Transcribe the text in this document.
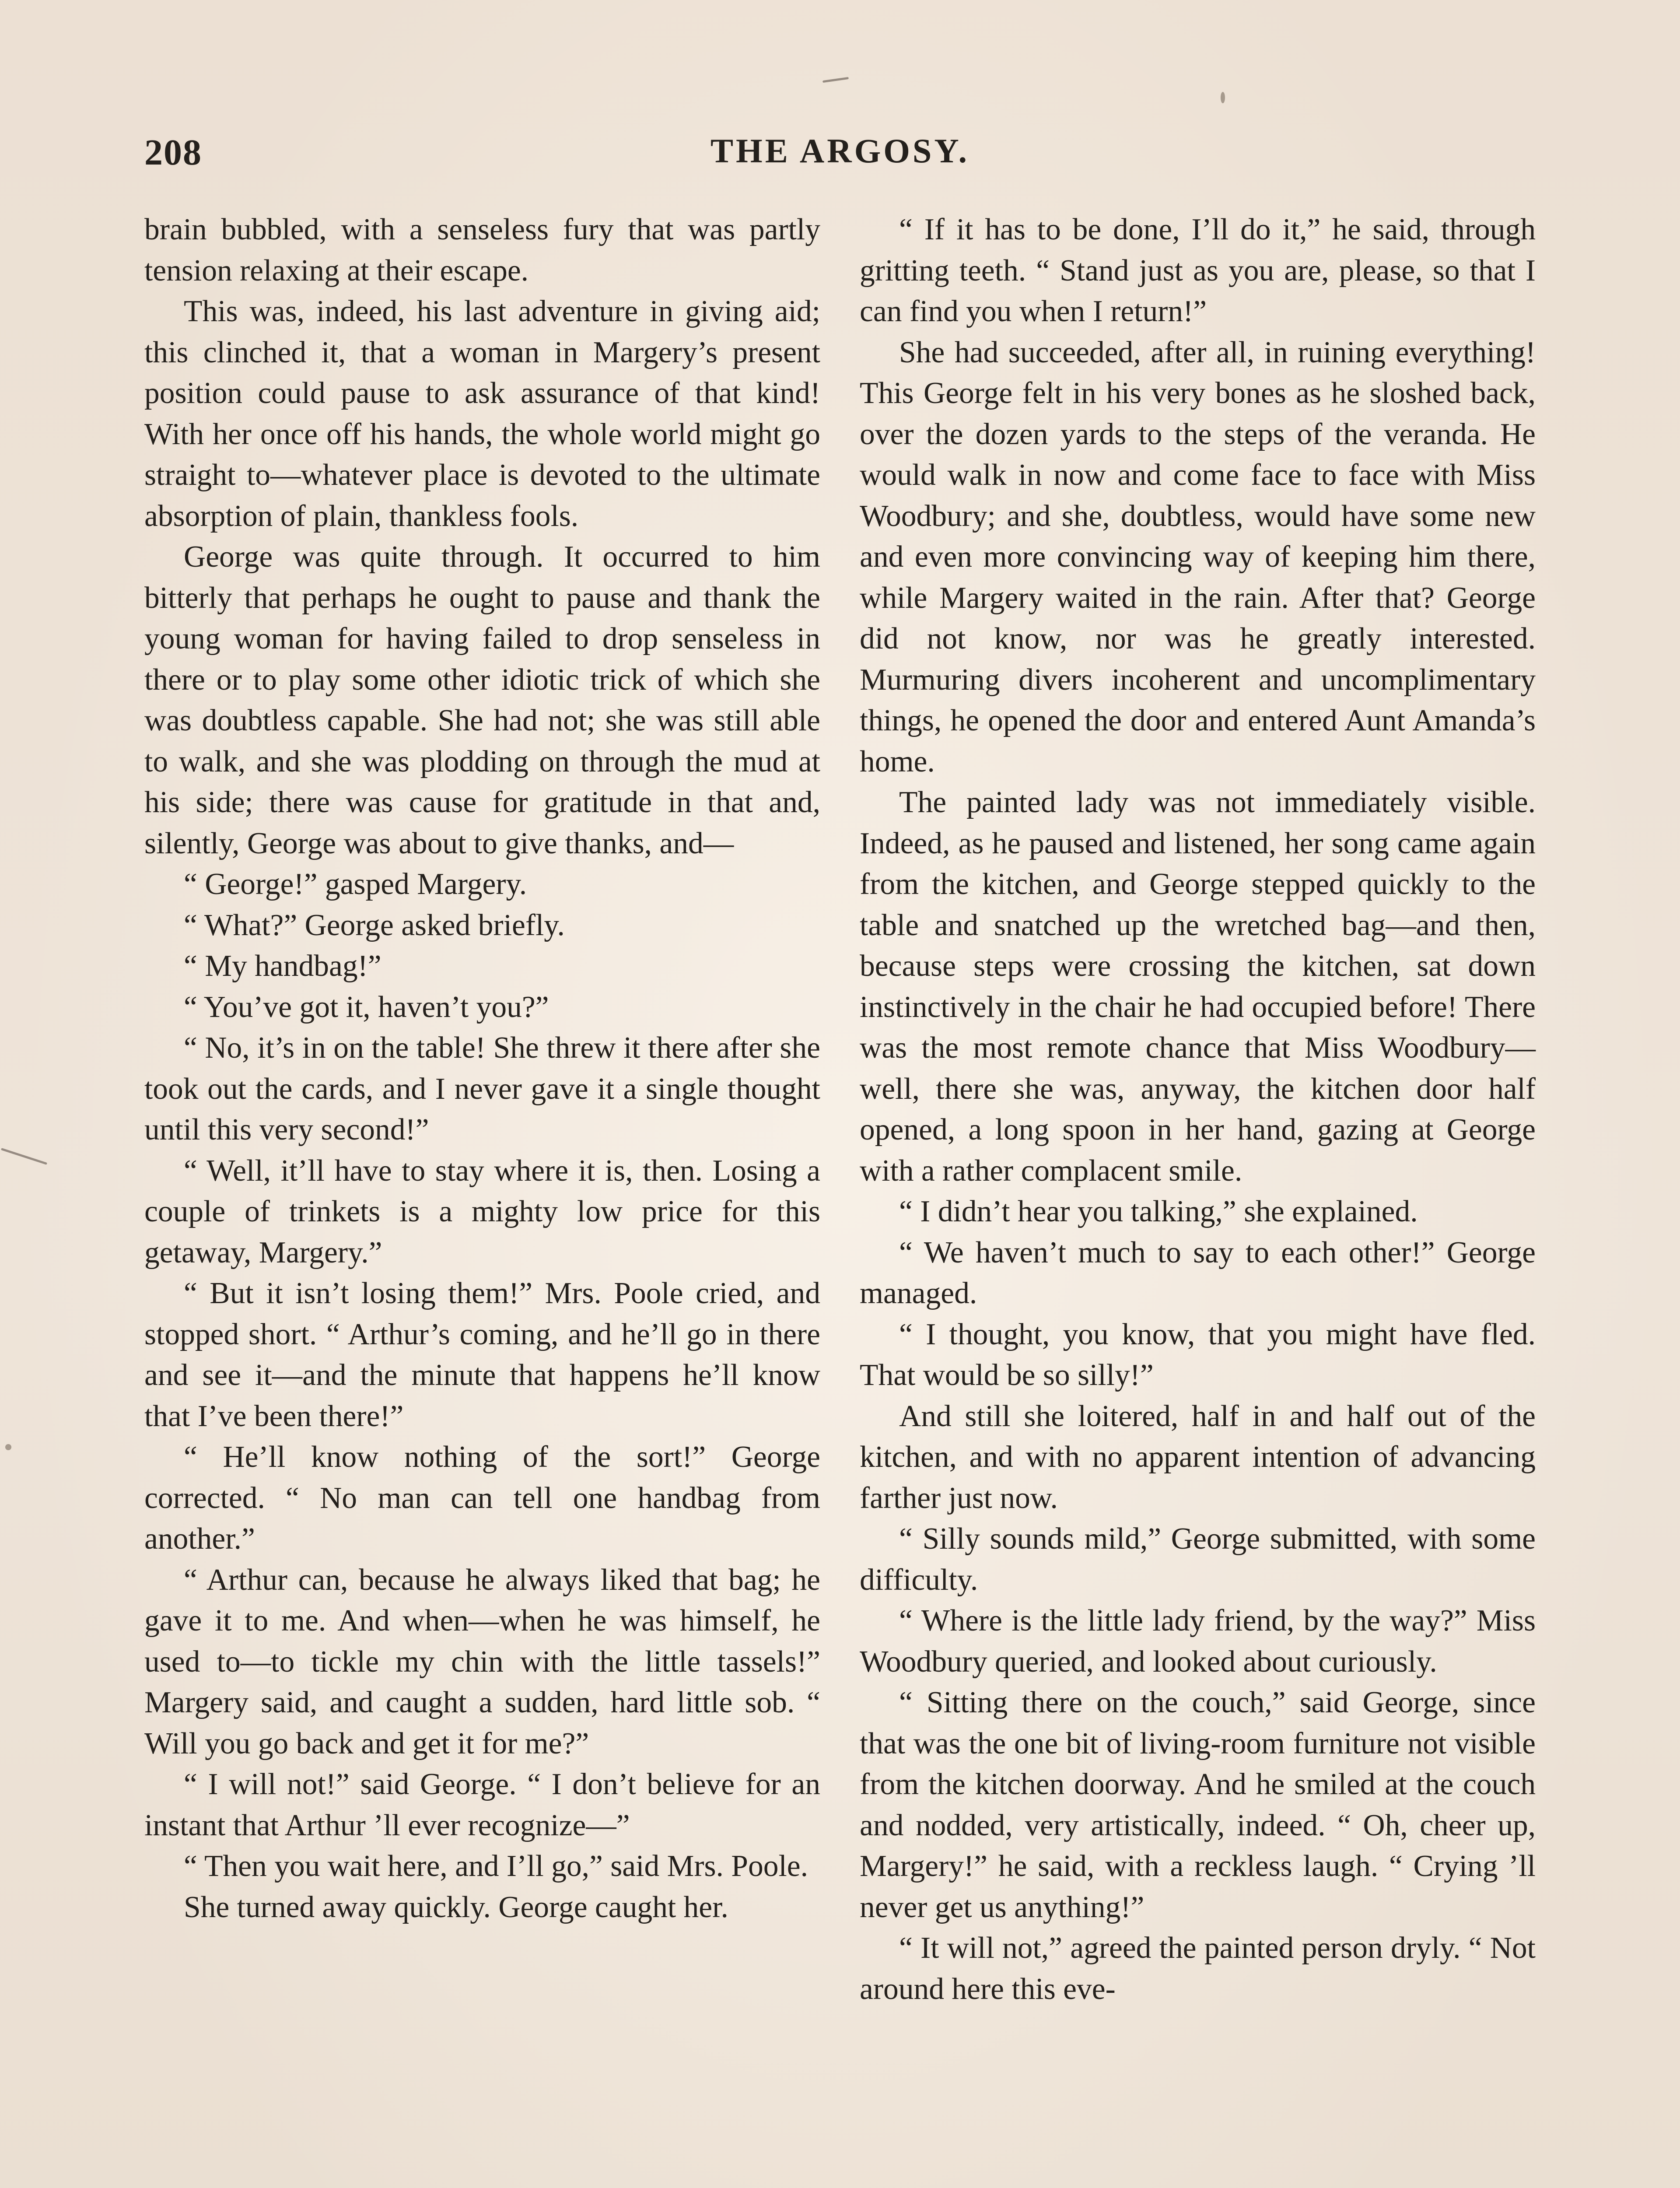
208	THE ARGOSY.

brain bubbled, with a senseless fury that was partly tension relaxing at their escape.

This was, indeed, his last adventure in giving aid; this clinched it, that a woman in Margery’s present position could pause to ask assurance of that kind! With her once off his hands, the whole world might go straight to—whatever place is devoted to the ultimate absorption of plain, thankless fools.

George was quite through. It occurred to him bitterly that perhaps he ought to pause and thank the young woman for having failed to drop senseless in there or to play some other idiotic trick of which she was doubtless capable. She had not; she was still able to walk, and she was plodding on through the mud at his side; there was cause for gratitude in that and, silently, George was about to give thanks, and—

“ George!” gasped Margery.

“ What?” George asked briefly.

“ My handbag!”

“ You’ve got it, haven’t you?”

“ No, it’s in on the table! She threw it there after she took out the cards, and I never gave it a single thought until this very second!”

“ Well, it’ll have to stay where it is, then. Losing a couple of trinkets is a mighty low price for this getaway, Margery.”

“ But it isn’t losing them!” Mrs. Poole cried, and stopped short. “ Arthur’s coming, and he’ll go in there and see it—and the minute that happens he’ll know that I’ve been there!”

“ He’ll know nothing of the sort!” George corrected. “ No man can tell one handbag from another.”

“ Arthur can, because he always liked that bag; he gave it to me. And when—when he was himself, he used to—to tickle my chin with the little tassels!” Margery said, and caught a sudden, hard little sob. “ Will you go back and get it for me?”

“ I will not!” said George. “ I don’t believe for an instant that Arthur ’ll ever recognize—”

“ Then you wait here, and I’ll go,” said Mrs. Poole.

She turned away quickly. George caught her.

“ If it has to be done, I’ll do it,” he said, through gritting teeth. “ Stand just as you are, please, so that I can find you when I return!”

She had succeeded, after all, in ruining everything! This George felt in his very bones as he sloshed back, over the dozen yards to the steps of the veranda. He would walk in now and come face to face with Miss Woodbury; and she, doubtless, would have some new and even more convincing way of keeping him there, while Margery waited in the rain. After that? George did not know, nor was he greatly interested. Murmuring divers incoherent and uncomplimentary things, he opened the door and entered Aunt Amanda’s home.

The painted lady was not immediately visible. Indeed, as he paused and listened, her song came again from the kitchen, and George stepped quickly to the table and snatched up the wretched bag—and then, because steps were crossing the kitchen, sat down instinctively in the chair he had occupied before! There was the most remote chance that Miss Woodbury—well, there she was, anyway, the kitchen door half opened, a long spoon in her hand, gazing at George with a rather complacent smile.

“ I didn’t hear you talking,” she explained.

“ We haven’t much to say to each other!” George managed.

“ I thought, you know, that you might have fled. That would be so silly!”

And still she loitered, half in and half out of the kitchen, and with no apparent intention of advancing farther just now.

“ Silly sounds mild,” George submitted, with some difficulty.

“ Where is the little lady friend, by the way?” Miss Woodbury queried, and looked about curiously.

“ Sitting there on the couch,” said George, since that was the one bit of living-room furniture not visible from the kitchen doorway. And he smiled at the couch and nodded, very artistically, indeed. “ Oh, cheer up, Margery!” he said, with a reckless laugh. “ Crying ’ll never get us anything!”

“ It will not,” agreed the painted person dryly. “ Not around here this eve-
